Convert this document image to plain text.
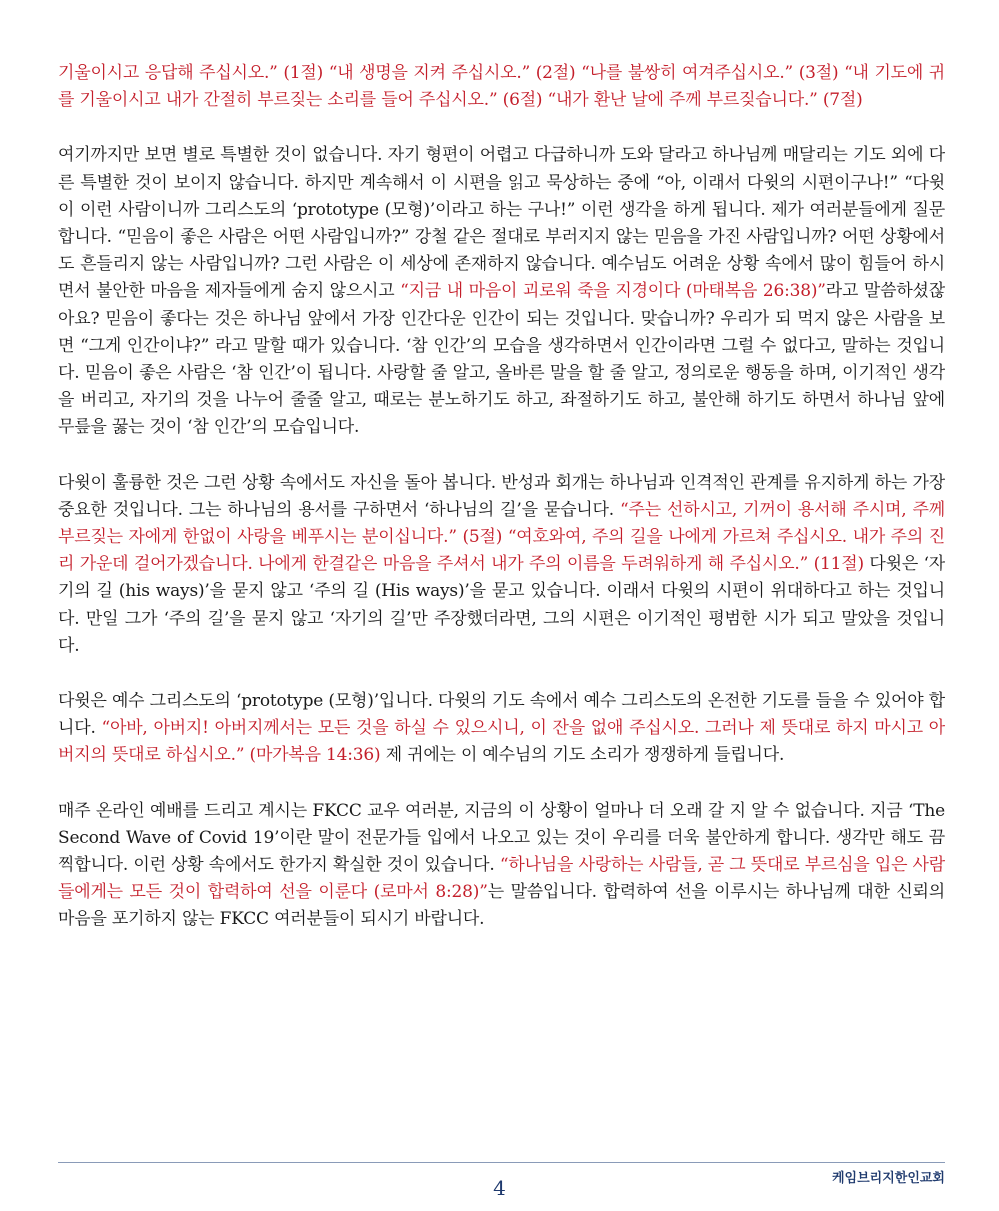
기울이시고 응답해 주십시오.” (1절) “내 생명을 지켜 주십시오.” (2절) “나를 불쌍히 여겨주십시오.” (3절) “내 기도에 귀를 기울이시고 내가 간절히 부르짖는 소리를 들어 주십시오.” (6절) “내가 환난 날에 주께 부르짖습니다.” (7절)

여기까지만 보면 별로 특별한 것이 없습니다. 자기 형편이 어렵고 다급하니까 도와 달라고 하나님께 매달리는 기도 외에 다른 특별한 것이 보이지 않습니다. 하지만 계속해서 이 시편을 읽고 묵상하는 중에 “아, 이래서 다윗의 시편이구나!” “다윗이 이런 사람이니까 그리스도의 ‘prototype (모형)’이라고 하는 구나!” 이런 생각을 하게 됩니다. 제가 여러분들에게 질문합니다. “믿음이 좋은 사람은 어떤 사람입니까?” 강철 같은 절대로 부러지지 않는 믿음을 가진 사람입니까? 어떤 상황에서도 흔들리지 않는 사람입니까? 그런 사람은 이 세상에 존재하지 않습니다. 예수님도 어려운 상황 속에서 많이 힘들어 하시면서 불안한 마음을 제자들에게 숨지 않으시고 “지금 내 마음이 괴로워 죽을 지경이다 (마태복음 26:38)”라고 말씀하셨잖아요? 믿음이 좋다는 것은 하나님 앞에서 가장 인간다운 인간이 되는 것입니다. 맞습니까? 우리가 되 먹지 않은 사람을 보면 “그게 인간이냐?” 라고 말할 때가 있습니다. ‘참 인간’의 모습을 생각하면서 인간이라면 그럴 수 없다고, 말하는 것입니다. 믿음이 좋은 사람은 ‘참 인간’이 됩니다. 사랑할 줄 알고, 올바른 말을 할 줄 알고, 정의로운 행동을 하며, 이기적인 생각을 버리고, 자기의 것을 나누어 줄줄 알고, 때로는 분노하기도 하고, 좌절하기도 하고, 불안해 하기도 하면서 하나님 앞에 무릎을 꿇는 것이 ‘참 인간’의 모습입니다.

다윗이 훌륭한 것은 그런 상황 속에서도 자신을 돌아 봅니다. 반성과 회개는 하나님과 인격적인 관계를 유지하게 하는 가장 중요한 것입니다. 그는 하나님의 용서를 구하면서 ‘하나님의 길’을 묻습니다. “주는 선하시고, 기꺼이 용서해 주시며, 주께 부르짖는 자에게 한없이 사랑을 베푸시는 분이십니다.” (5절) “여호와여, 주의 길을 나에게 가르쳐 주십시오. 내가 주의 진리 가운데 걸어가겠습니다. 나에게 한결같은 마음을 주셔서 내가 주의 이름을 두려워하게 해 주십시오.” (11절) 다윗은 ‘자기의 길 (his ways)’을 묻지 않고 ‘주의 길 (His ways)’을 묻고 있습니다. 이래서 다윗의 시편이 위대하다고 하는 것입니다. 만일 그가 ‘주의 길’을 묻지 않고 ‘자기의 길’만 주장했더라면, 그의 시편은 이기적인 평범한 시가 되고 말았을 것입니다.

다윗은 예수 그리스도의 ‘prototype (모형)’입니다. 다윗의 기도 속에서 예수 그리스도의 온전한 기도를 들을 수 있어야 합니다. “아바, 아버지! 아버지께서는 모든 것을 하실 수 있으시니, 이 잔을 없애 주십시오. 그러나 제 뜻대로 하지 마시고 아버지의 뜻대로 하십시오.” (마가복음 14:36) 제 귀에는 이 예수님의 기도 소리가 쟁쟁하게 들립니다.

매주 온라인 예배를 드리고 계시는 FKCC 교우 여러분, 지금의 이 상황이 얼마나 더 오래 갈 지 알 수 없습니다. 지금 ‘The Second Wave of Covid 19’이란 말이 전문가들 입에서 나오고 있는 것이 우리를 더욱 불안하게 합니다. 생각만 해도 끔찍합니다. 이런 상황 속에서도 한가지 확실한 것이 있습니다. “하나님을 사랑하는 사람들, 곧 그 뜻대로 부르심을 입은 사람들에게는 모든 것이 합력하여 선을 이룬다 (로마서 8:28)”는 말씀입니다. 합력하여 선을 이루시는 하나님께 대한 신뢰의 마음을 포기하지 않는 FKCC 여러분들이 되시기 바랍니다.

케임브리지한인교회
4
